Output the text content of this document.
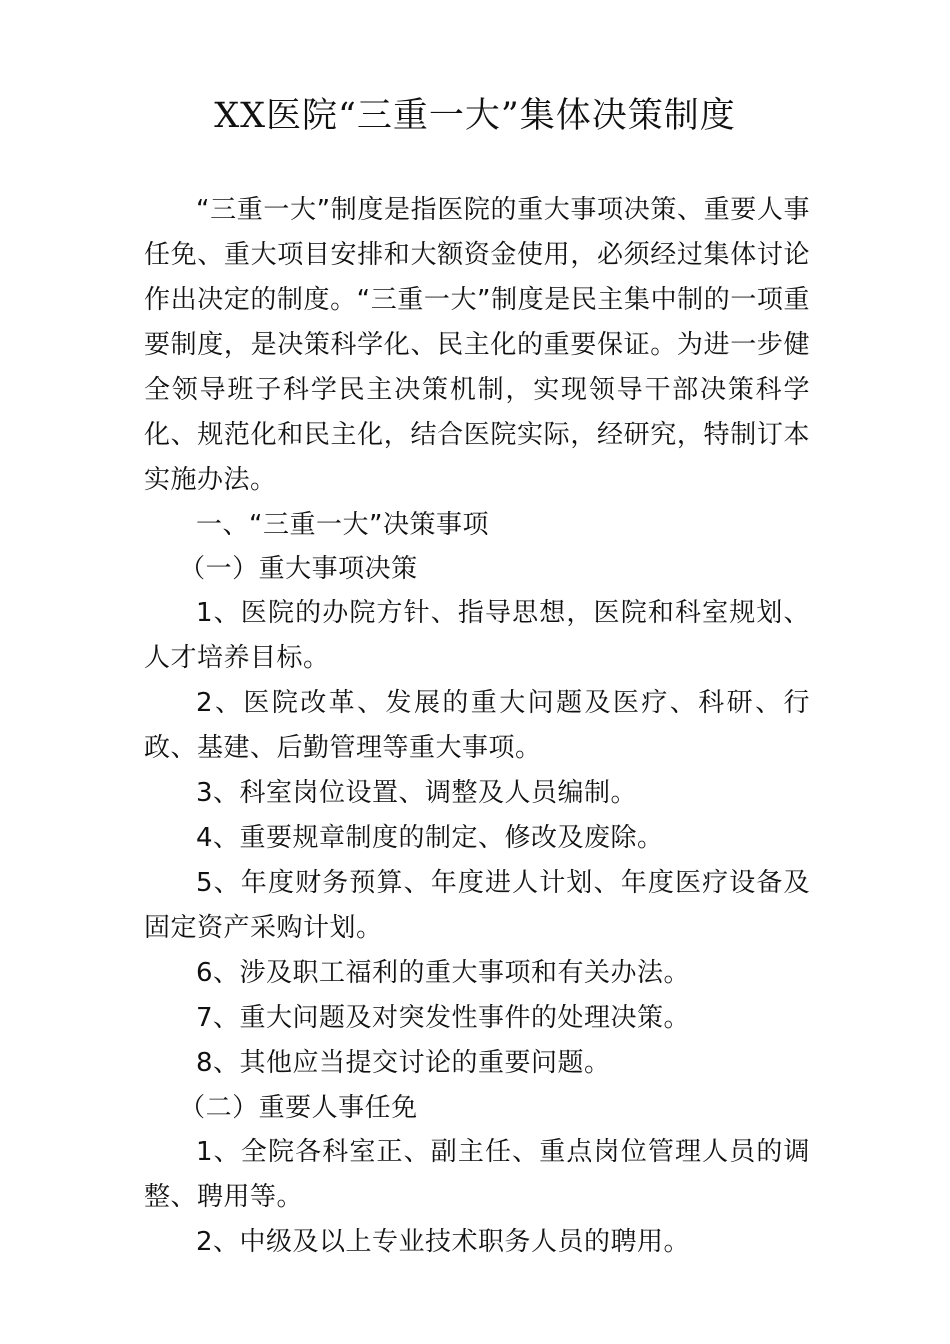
XX医院“三重一大”集体决策制度

“三重一大”制度是指医院的重大事项决策、重要人事任免、重大项目安排和大额资金使用，必须经过集体讨论作出决定的制度。“三重一大”制度是民主集中制的一项重要制度，是决策科学化、民主化的重要保证。为进一步健全领导班子科学民主决策机制，实现领导干部决策科学化、规范化和民主化，结合医院实际，经研究，特制订本实施办法。

一、“三重一大”决策事项

（一）重大事项决策

1、医院的办院方针、指导思想，医院和科室规划、人才培养目标。

2、医院改革、发展的重大问题及医疗、科研、行政、基建、后勤管理等重大事项。

3、科室岗位设置、调整及人员编制。

4、重要规章制度的制定、修改及废除。

5、年度财务预算、年度进人计划、年度医疗设备及固定资产采购计划。

6、涉及职工福利的重大事项和有关办法。

7、重大问题及对突发性事件的处理决策。

8、其他应当提交讨论的重要问题。

（二）重要人事任免

1、全院各科室正、副主任、重点岗位管理人员的调整、聘用等。

2、中级及以上专业技术职务人员的聘用。
